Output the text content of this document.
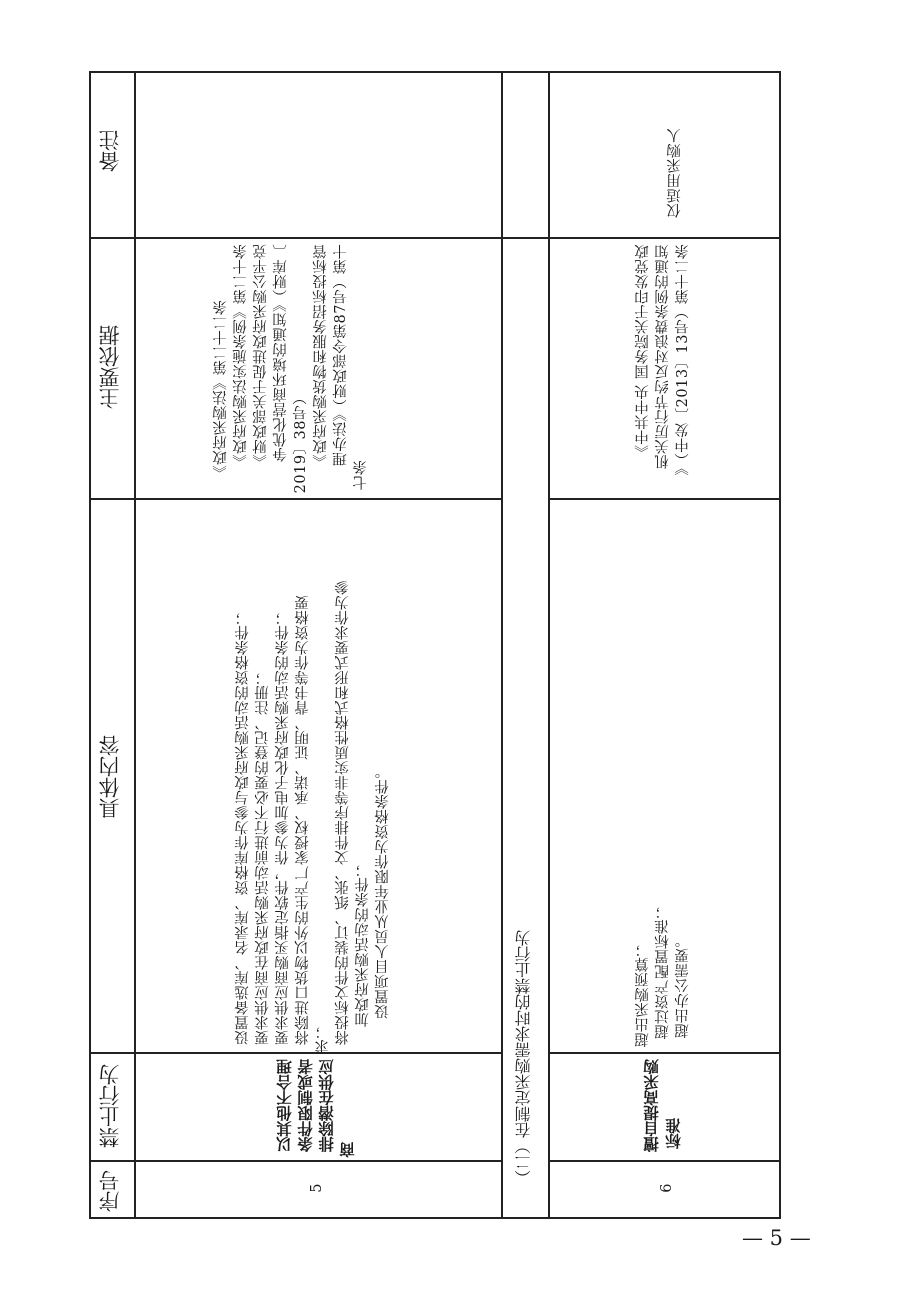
备注
主要依据
具体内容
禁止行为
序号	5
以其他不合理 条件限制或者 排除潜在供应 商
设置备选库、名录库、资格库作为参与政府采购活动的资格条件； 要求供应商在政府采购活动前进行不必要的登记、注册； 要求供应商购买指定软件，作为参加电子化政府采购活动的条件； 将除进口货物以外的生产厂家授权、承诺、证明、背书等作为资格要 求； 将投标文件的装订、纸张、文件排序等非实质性格式和形式要求作为参 加政府采购活动的条件； 设置项目人员从业年限作为资格条件。
《政府采购法》第二十二条 《政府采购法实施条例》第二十条 《财政部关于促进政府采购公平竞 争优化营商环境的通知》（财库〔 2019〕38号） 《政府采购货物和服务招标投标管 理办法》（财政部令第87号）第十
七条
（二）在制定采购需求时的禁止行为
6
擅自提高采购 标准
超出采购预算； 超过资产配置标准； 超出办公需要。
《中共中央 国务院关于印发党政 机关厉行节约反对浪费条例的通知 》（中发〔2013〕13号）第十二条
仅适用采购人
— 5 —
